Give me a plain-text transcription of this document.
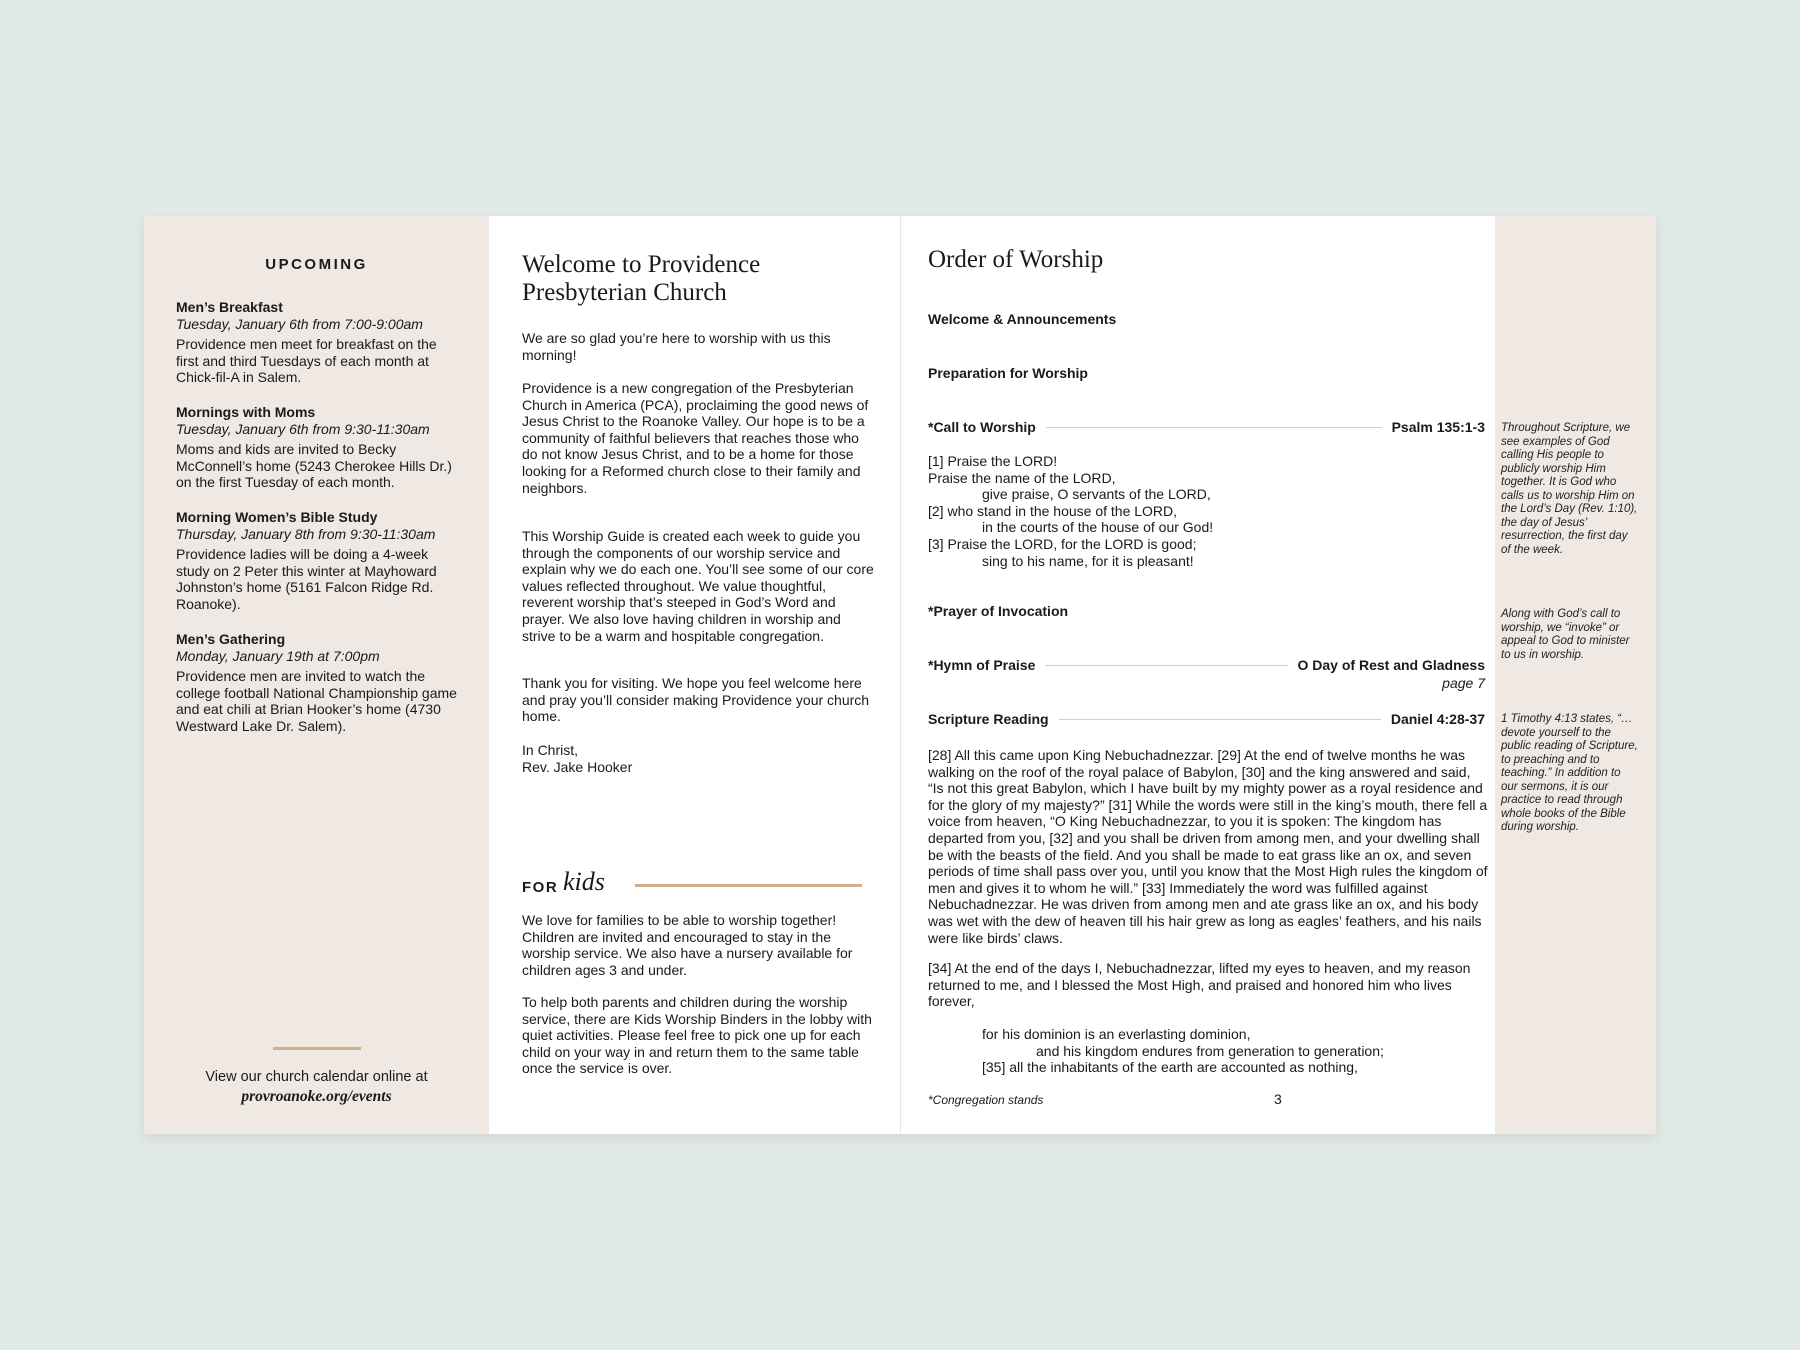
UPCOMING
Men’s Breakfast
Tuesday, January 6th from 7:00-9:00am
Providence men meet for breakfast on the first and third Tuesdays of each month at Chick-fil-A in Salem.
Mornings with Moms
Tuesday, January 6th from 9:30-11:30am
Moms and kids are invited to Becky McConnell’s home (5243 Cherokee Hills Dr.) on the first Tuesday of each month.
Morning Women’s Bible Study
Thursday, January 8th from 9:30-11:30am
Providence ladies will be doing a 4-week study on 2 Peter this winter at Mayhoward Johnston’s home (5161 Falcon Ridge Rd. Roanoke).
Men’s Gathering
Monday, January 19th at 7:00pm
Providence men are invited to watch the college football National Championship game and eat chili at Brian Hooker’s home (4730 Westward Lake Dr. Salem).
View our church calendar online at
provroanoke.org/events
Welcome to Providence
Presbyterian Church
We are so glad you’re here to worship with us this morning!
Providence is a new congregation of the Presbyterian Church in America (PCA), proclaiming the good news of Jesus Christ to the Roanoke Valley. Our hope is to be a community of faithful believers that reaches those who do not know Jesus Christ, and to be a home for those looking for a Reformed church close to their family and neighbors.
This Worship Guide is created each week to guide you through the components of our worship service and explain why we do each one. You’ll see some of our core values reflected throughout. We value thoughtful, reverent worship that’s steeped in God’s Word and prayer. We also love having children in worship and strive to be a warm and hospitable congregation.
Thank you for visiting. We hope you feel welcome here and pray you’ll consider making Providence your church home.
In Christ,
Rev. Jake Hooker
FOR kids
We love for families to be able to worship together! Children are invited and encouraged to stay in the worship service. We also have a nursery available for children ages 3 and under.
To help both parents and children during the worship service, there are Kids Worship Binders in the lobby with quiet activities. Please feel free to pick one up for each child on your way in and return them to the same table once the service is over.
Order of Worship
Welcome & Announcements
Preparation for Worship
*Call to Worship	Psalm 135:1-3
[1] Praise the LORD!
Praise the name of the LORD,
give praise, O servants of the LORD,
[2] who stand in the house of the LORD,
in the courts of the house of our God!
[3] Praise the LORD, for the LORD is good;
sing to his name, for it is pleasant!
*Prayer of Invocation
*Hymn of Praise	O Day of Rest and Gladness
page 7
Scripture Reading	Daniel 4:28-37
[28] All this came upon King Nebuchadnezzar. [29] At the end of twelve months he was walking on the roof of the royal palace of Babylon, [30] and the king answered and said, “Is not this great Babylon, which I have built by my mighty power as a royal residence and for the glory of my majesty?” [31] While the words were still in the king’s mouth, there fell a voice from heaven, “O King Nebuchadnezzar, to you it is spoken: The kingdom has departed from you, [32] and you shall be driven from among men, and your dwelling shall be with the beasts of the field. And you shall be made to eat grass like an ox, and seven periods of time shall pass over you, until you know that the Most High rules the kingdom of men and gives it to whom he will.” [33] Immediately the word was fulfilled against Nebuchadnezzar. He was driven from among men and ate grass like an ox, and his body was wet with the dew of heaven till his hair grew as long as eagles’ feathers, and his nails were like birds’ claws.
[34] At the end of the days I, Nebuchadnezzar, lifted my eyes to heaven, and my reason returned to me, and I blessed the Most High, and praised and honored him who lives forever,
for his dominion is an everlasting dominion,
and his kingdom endures from generation to generation;
[35] all the inhabitants of the earth are accounted as nothing,
*Congregation stands	3
Throughout Scripture, we see examples of God calling His people to publicly worship Him together. It is God who calls us to worship Him on the Lord’s Day (Rev. 1:10), the day of Jesus’ resurrection, the first day of the week.
Along with God’s call to worship, we “invoke” or appeal to God to minister to us in worship.
1 Timothy 4:13 states, “…devote yourself to the public reading of Scripture, to preaching and to teaching.” In addition to our sermons, it is our practice to read through whole books of the Bible during worship.
